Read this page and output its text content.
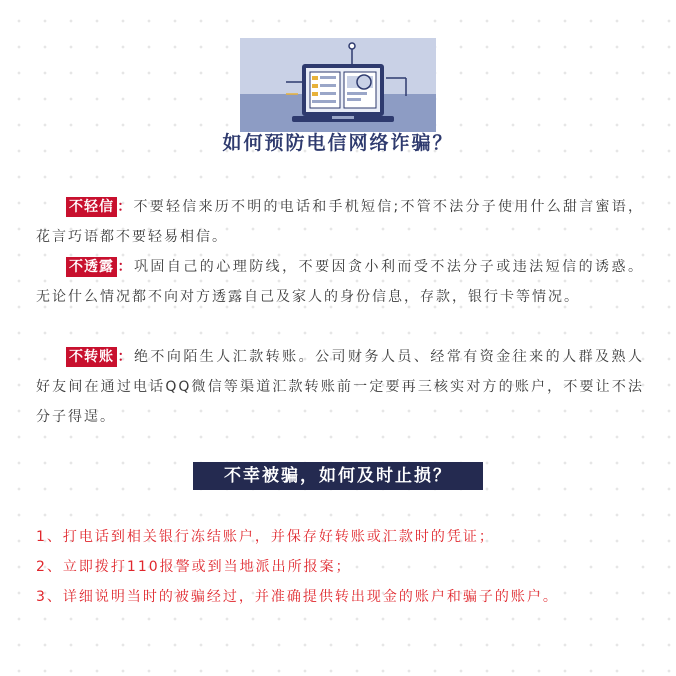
如何预防电信网络诈骗？

不轻信 ：不要轻信来历不明的电话和手机短信;不管不法分子使用什么甜言蜜语，花言巧语都不要轻易相信。

不透露 ：巩固自己的心理防线，不要因贪小利而受不法分子或违法短信的诱惑。无论什么情况都不向对方透露自己及家人的身份信息，存款，银行卡等情况。

不转账 ：绝不向陌生人汇款转账。公司财务人员、经常有资金往来的人群及熟人好友间在通过电话QQ微信等渠道汇款转账前一定要再三核实对方的账户，不要让不法分子得逞。

不幸被骗，如何及时止损？
1、打电话到相关银行冻结账户，并保存好转账或汇款时的凭证；
2、立即拨打110报警或到当地派出所报案；
3、详细说明当时的被骗经过，并准确提供转出现金的账户和骗子的账户。
